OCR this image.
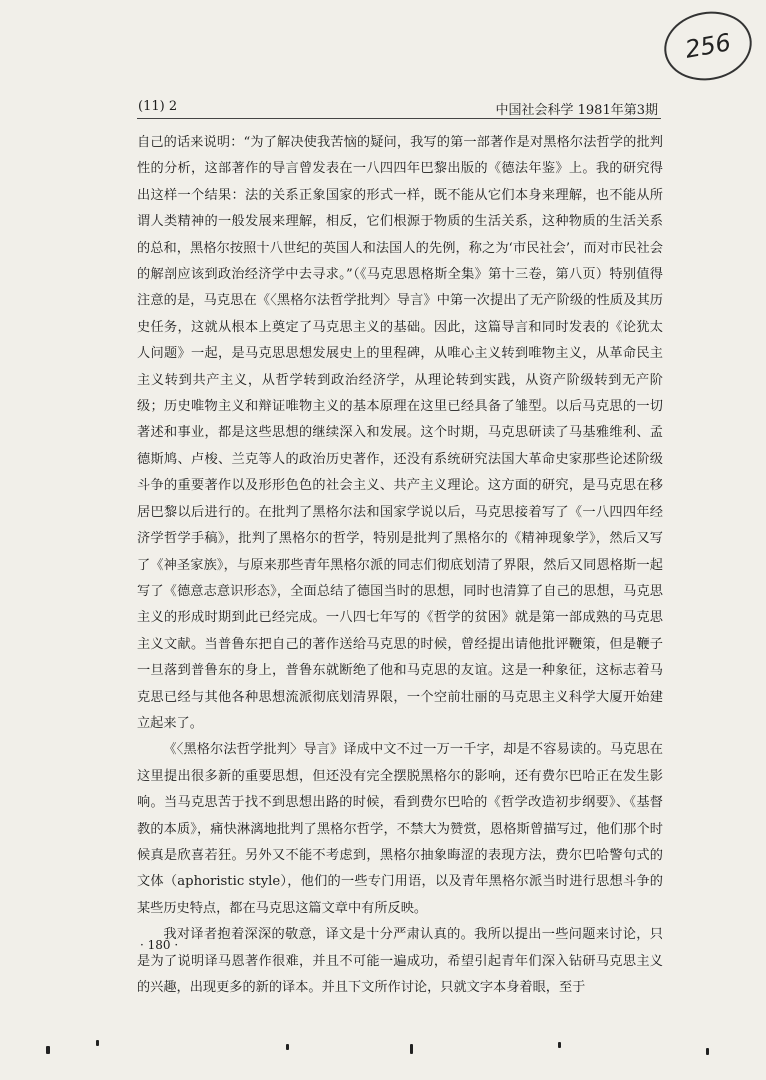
256
(11) 2	中国社会科学 1981年第3期

自己的话来说明：“为了解决使我苦恼的疑问，我写的第一部著作是对黑格尔法哲学的批判性的分析，这部著作的导言曾发表在一八四四年巴黎出版的《德法年鉴》上。我的研究得出这样一个结果：法的关系正象国家的形式一样，既不能从它们本身来理解，也不能从所谓人类精神的一般发展来理解，相反，它们根源于物质的生活关系，这种物质的生活关系的总和，黑格尔按照十八世纪的英国人和法国人的先例，称之为‘市民社会’，而对市民社会的解剖应该到政治经济学中去寻求。”（《马克思恩格斯全集》第十三卷，第八页）特别值得注意的是，马克思在《〈黑格尔法哲学批判〉导言》中第一次提出了无产阶级的性质及其历史任务，这就从根本上奠定了马克思主义的基础。因此，这篇导言和同时发表的《论犹太人问题》一起，是马克思思想发展史上的里程碑，从唯心主义转到唯物主义，从革命民主主义转到共产主义，从哲学转到政治经济学，从理论转到实践，从资产阶级转到无产阶级；历史唯物主义和辩证唯物主义的基本原理在这里已经具备了雏型。以后马克思的一切著述和事业，都是这些思想的继续深入和发展。这个时期，马克思研读了马基雅维利、孟德斯鸠、卢梭、兰克等人的政治历史著作，还没有系统研究法国大革命史家那些论述阶级斗争的重要著作以及形形色色的社会主义、共产主义理论。这方面的研究，是马克思在移居巴黎以后进行的。在批判了黑格尔法和国家学说以后，马克思接着写了《一八四四年经济学哲学手稿》，批判了黑格尔的哲学，特别是批判了黑格尔的《精神现象学》，然后又写了《神圣家族》，与原来那些青年黑格尔派的同志们彻底划清了界限，然后又同恩格斯一起写了《德意志意识形态》，全面总结了德国当时的思想，同时也清算了自己的思想，马克思主义的形成时期到此已经完成。一八四七年写的《哲学的贫困》就是第一部成熟的马克思主义文献。当普鲁东把自己的著作送给马克思的时候，曾经提出请他批评鞭策，但是鞭子一旦落到普鲁东的身上，普鲁东就断绝了他和马克思的友谊。这是一种象征，这标志着马克思已经与其他各种思想流派彻底划清界限，一个空前壮丽的马克思主义科学大厦开始建立起来了。

《〈黑格尔法哲学批判〉导言》译成中文不过一万一千字，却是不容易读的。马克思在这里提出很多新的重要思想，但还没有完全摆脱黑格尔的影响，还有费尔巴哈正在发生影响。当马克思苦于找不到思想出路的时候，看到费尔巴哈的《哲学改造初步纲要》、《基督教的本质》，痛快淋漓地批判了黑格尔哲学，不禁大为赞赏，恩格斯曾描写过，他们那个时候真是欣喜若狂。另外又不能不考虑到，黑格尔抽象晦涩的表现方法，费尔巴哈警句式的文体（aphoristic style），他们的一些专门用语，以及青年黑格尔派当时进行思想斗争的某些历史特点，都在马克思这篇文章中有所反映。

我对译者抱着深深的敬意，译文是十分严肃认真的。我所以提出一些问题来讨论，只是为了说明译马恩著作很难，并且不可能一遍成功，希望引起青年们深入钻研马克思主义的兴趣，出现更多的新的译本。并且下文所作讨论，只就文字本身着眼，至于

· 180 ·
